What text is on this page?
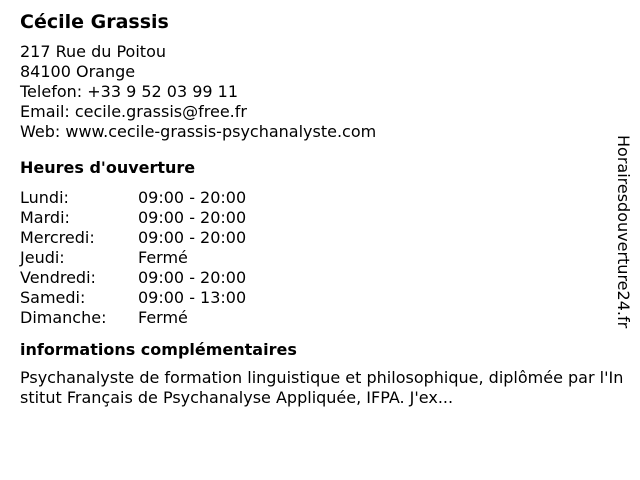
Cécile Grassis
217 Rue du Poitou
84100 Orange
Telefon: +33 9 52 03 99 11
Email: cecile.grassis@free.fr
Web: www.cecile-grassis-psychanalyste.com
Heures d'ouverture
Lundi:	09:00 - 20:00
Mardi:	09:00 - 20:00
Mercredi:	09:00 - 20:00
Jeudi:	Fermé
Vendredi:	09:00 - 20:00
Samedi:	09:00 - 13:00
Dimanche:	Fermé
informations complémentaires
Psychanalyste de formation linguistique et philosophique, diplômée par l'Institut Français de Psychanalyse Appliquée, IFPA. J'ex...
Horairesdouverture24.fr
